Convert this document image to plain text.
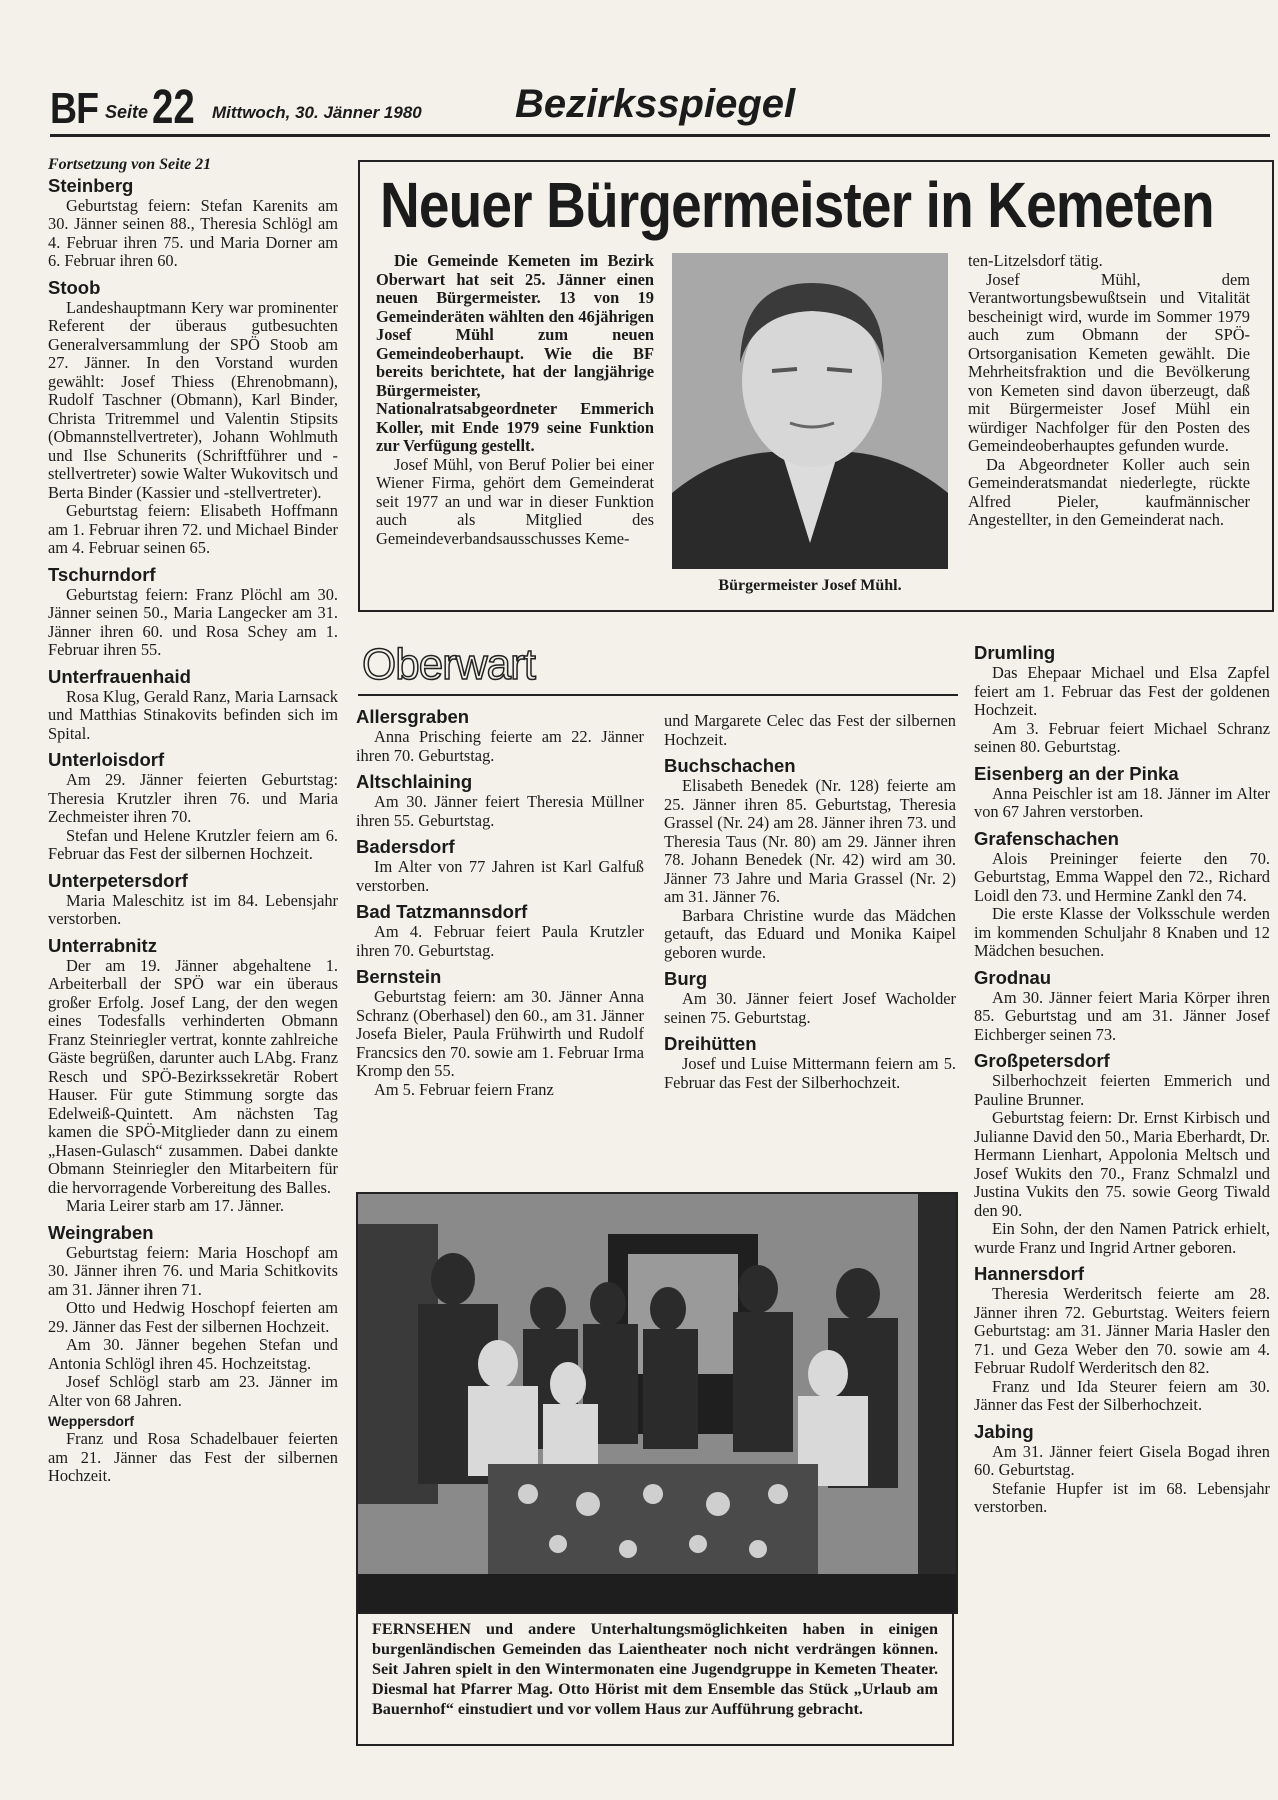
BF Seite 22 Mittwoch, 30. Jänner 1980 Bezirksspiegel

Fortsetzung von Seite 21

Steinberg

Geburtstag feiern: Stefan Karenits am 30. Jänner seinen 88., Theresia Schlögl am 4. Februar ihren 75. und Maria Dorner am 6. Februar ihren 60.

Stoob

Landeshauptmann Kery war prominenter Referent der überaus gutbesuchten Generalversammlung der SPÖ Stoob am 27. Jänner. In den Vorstand wurden gewählt: Josef Thiess (Ehrenobmann), Rudolf Taschner (Obmann), Karl Binder, Christa Tritremmel und Valentin Stipsits (Obmannstellvertreter), Johann Wohlmuth und Ilse Schunerits (Schriftführer und -stellvertreter) sowie Walter Wukovitsch und Berta Binder (Kassier und -stellvertreter).

Geburtstag feiern: Elisabeth Hoffmann am 1. Februar ihren 72. und Michael Binder am 4. Februar seinen 65.

Tschurndorf

Geburtstag feiern: Franz Plöchl am 30. Jänner seinen 50., Maria Langecker am 31. Jänner ihren 60. und Rosa Schey am 1. Februar ihren 55.

Unterfrauenhaid

Rosa Klug, Gerald Ranz, Maria Larnsack und Matthias Stinakovits befinden sich im Spital.

Unterloisdorf

Am 29. Jänner feierten Geburtstag: Theresia Krutzler ihren 76. und Maria Zechmeister ihren 70.

Stefan und Helene Krutzler feiern am 6. Februar das Fest der silbernen Hochzeit.

Unterpetersdorf

Maria Maleschitz ist im 84. Lebensjahr verstorben.

Unterrabnitz

Der am 19. Jänner abgehaltene 1. Arbeiterball der SPÖ war ein überaus großer Erfolg. Josef Lang, der den wegen eines Todesfalls verhinderten Obmann Franz Steinriegler vertrat, konnte zahlreiche Gäste begrüßen, darunter auch LAbg. Franz Resch und SPÖ-Bezirkssekretär Robert Hauser. Für gute Stimmung sorgte das Edelweiß-Quintett. Am nächsten Tag kamen die SPÖ-Mitglieder dann zu einem „Hasen-Gulasch“ zusammen. Dabei dankte Obmann Steinriegler den Mitarbeitern für die hervorragende Vorbereitung des Balles.

Maria Leirer starb am 17. Jänner.

Weingraben

Geburtstag feiern: Maria Hoschopf am 30. Jänner ihren 76. und Maria Schitkovits am 31. Jänner ihren 71.

Otto und Hedwig Hoschopf feierten am 29. Jänner das Fest der silbernen Hochzeit.

Am 30. Jänner begehen Stefan und Antonia Schlögl ihren 45. Hochzeitstag.

Josef Schlögl starb am 23. Jänner im Alter von 68 Jahren.

Weppersdorf

Franz und Rosa Schadelbauer feierten am 21. Jänner das Fest der silbernen Hochzeit.

Neuer Bürgermeister in Kemeten

Die Gemeinde Kemeten im Bezirk Oberwart hat seit 25. Jänner einen neuen Bürgermeister. 13 von 19 Gemeinderäten wählten den 46jährigen Josef Mühl zum neuen Gemeindeoberhaupt. Wie die BF bereits berichtete, hat der langjährige Bürgermeister, Nationalratsabgeordneter Emmerich Koller, mit Ende 1979 seine Funktion zur Verfügung gestellt.

Josef Mühl, von Beruf Polier bei einer Wiener Firma, gehört dem Gemeinderat seit 1977 an und war in dieser Funktion auch als Mitglied des Gemeindeverbandsausschusses Keme-

Bürgermeister Josef Mühl.

ten-Litzelsdorf tätig.

Josef Mühl, dem Verantwortungsbewußtsein und Vitalität bescheinigt wird, wurde im Sommer 1979 auch zum Obmann der SPÖ-Ortsorganisation Kemeten gewählt. Die Mehrheitsfraktion und die Bevölkerung von Kemeten sind davon überzeugt, daß mit Bürgermeister Josef Mühl ein würdiger Nachfolger für den Posten des Gemeindeoberhauptes gefunden wurde.

Da Abgeordneter Koller auch sein Gemeinderatsmandat niederlegte, rückte Alfred Pieler, kaufmännischer Angestellter, in den Gemeinderat nach.

Oberwart
Allersgraben

Anna Prisching feierte am 22. Jänner ihren 70. Geburtstag.

Altschlaining

Am 30. Jänner feiert Theresia Müllner ihren 55. Geburtstag.

Badersdorf

Im Alter von 77 Jahren ist Karl Galfuß verstorben.

Bad Tatzmannsdorf

Am 4. Februar feiert Paula Krutzler ihren 70. Geburtstag.

Bernstein

Geburtstag feiern: am 30. Jänner Anna Schranz (Oberhasel) den 60., am 31. Jänner Josefa Bieler, Paula Frühwirth und Rudolf Francsics den 70. sowie am 1. Februar Irma Kromp den 55.

Am 5. Februar feiern Franz

und Margarete Celec das Fest der silbernen Hochzeit.

Buchschachen

Elisabeth Benedek (Nr. 128) feierte am 25. Jänner ihren 85. Geburtstag, Theresia Grassel (Nr. 24) am 28. Jänner ihren 73. und Theresia Taus (Nr. 80) am 29. Jänner ihren 78. Johann Benedek (Nr. 42) wird am 30. Jänner 73 Jahre und Maria Grassel (Nr. 2) am 31. Jänner 76.

Barbara Christine wurde das Mädchen getauft, das Eduard und Monika Kaipel geboren wurde.

Burg

Am 30. Jänner feiert Josef Wacholder seinen 75. Geburtstag.

Dreihütten

Josef und Luise Mittermann feiern am 5. Februar das Fest der Silberhochzeit.

FERNSEHEN und andere Unterhaltungsmöglichkeiten haben in einigen burgenländischen Gemeinden das Laientheater noch nicht verdrängen können. Seit Jahren spielt in den Wintermonaten eine Jugendgruppe in Kemeten Theater. Diesmal hat Pfarrer Mag. Otto Hörist mit dem Ensemble das Stück „Urlaub am Bauernhof“ einstudiert und vor vollem Haus zur Aufführung gebracht.
Drumling

Das Ehepaar Michael und Elsa Zapfel feiert am 1. Februar das Fest der goldenen Hochzeit.

Am 3. Februar feiert Michael Schranz seinen 80. Geburtstag.

Eisenberg an der Pinka

Anna Peischler ist am 18. Jänner im Alter von 67 Jahren verstorben.

Grafenschachen

Alois Preininger feierte den 70. Geburtstag, Emma Wappel den 72., Richard Loidl den 73. und Hermine Zankl den 74.

Die erste Klasse der Volksschule werden im kommenden Schuljahr 8 Knaben und 12 Mädchen besuchen.

Grodnau

Am 30. Jänner feiert Maria Körper ihren 85. Geburtstag und am 31. Jänner Josef Eichberger seinen 73.

Großpetersdorf

Silberhochzeit feierten Emmerich und Pauline Brunner.

Geburtstag feiern: Dr. Ernst Kirbisch und Julianne David den 50., Maria Eberhardt, Dr. Hermann Lienhart, Appolonia Meltsch und Josef Wukits den 70., Franz Schmalzl und Justina Vukits den 75. sowie Georg Tiwald den 90.

Ein Sohn, der den Namen Patrick erhielt, wurde Franz und Ingrid Artner geboren.

Hannersdorf

Theresia Werderitsch feierte am 28. Jänner ihren 72. Geburtstag. Weiters feiern Geburtstag: am 31. Jänner Maria Hasler den 71. und Geza Weber den 70. sowie am 4. Februar Rudolf Werderitsch den 82.

Franz und Ida Steurer feiern am 30. Jänner das Fest der Silberhochzeit.

Jabing

Am 31. Jänner feiert Gisela Bogad ihren 60. Geburtstag.

Stefanie Hupfer ist im 68. Lebensjahr verstorben.
